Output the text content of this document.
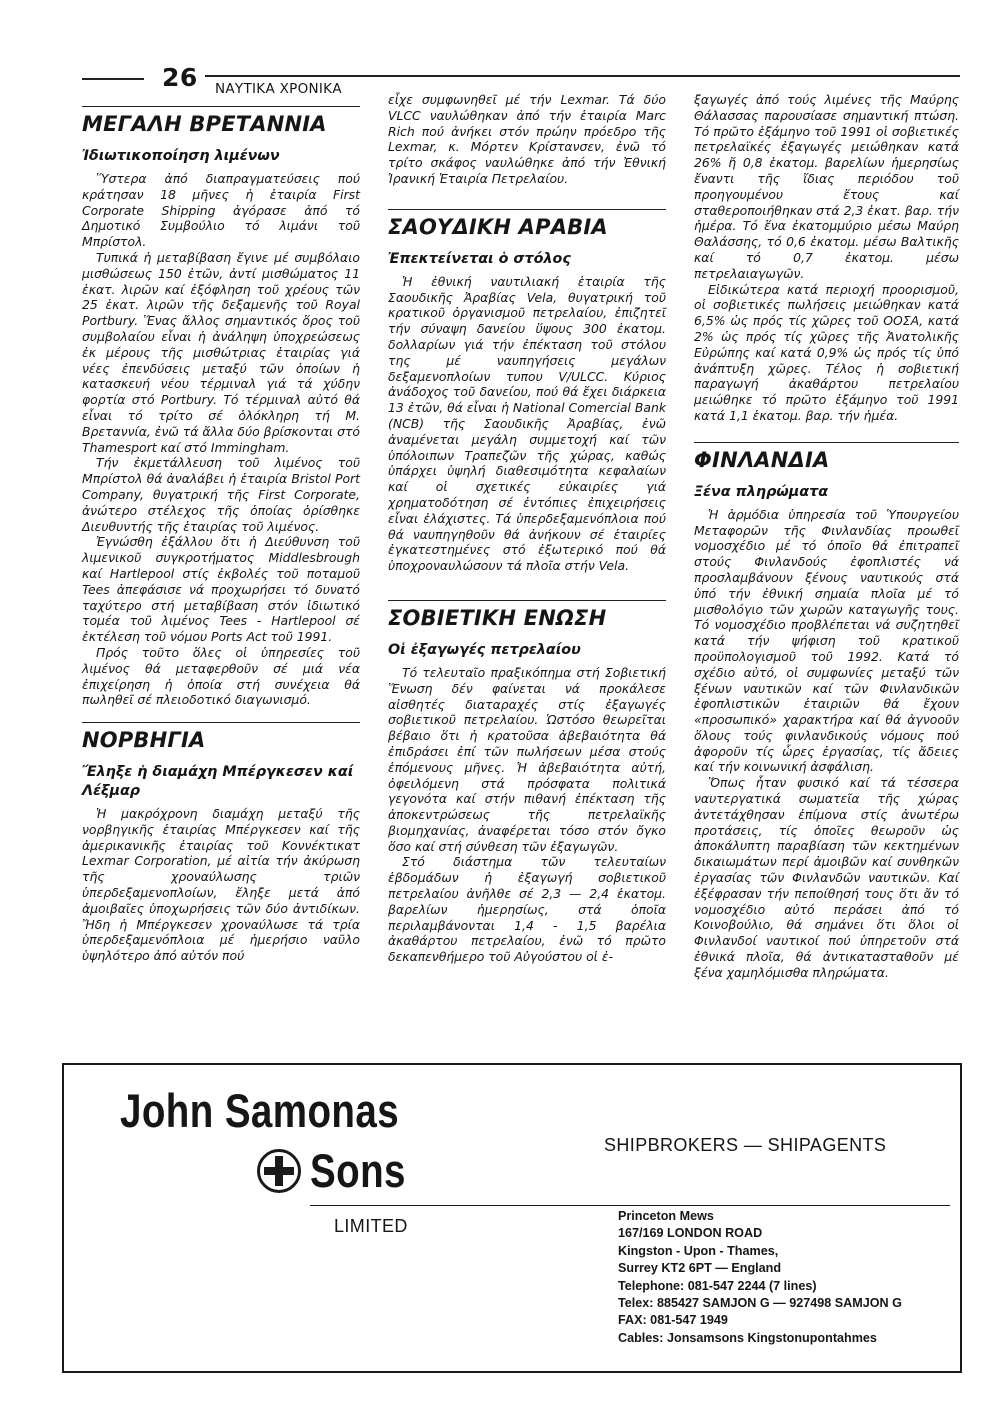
26 ΝΑΥΤΙΚΑ ΧΡΟΝΙΚΑ
ΜΕΓΑΛΗ ΒΡΕΤΑΝΝΙΑ
Ἰδιωτικοποίηση λιμένων

Ὕστερα ἀπό διαπραγματεύσεις πού κράτησαν 18 μῆνες ἡ ἑταιρία First Corporate Shipping ἀγόρασε ἀπό τό Δημοτικό Συμβούλιο τό λιμάνι τοῦ Μπρίστολ.

Τυπικά ἡ μεταβίβαση ἔγινε μέ συμβόλαιο μισθώσεως 150 ἐτῶν, ἀντί μισθώματος 11 ἑκατ. λιρῶν καί ἐξόφληση τοῦ χρέους τῶν 25 ἑκατ. λιρῶν τῆς δεξαμενῆς τοῦ Royal Portbury. Ἕνας ἄλλος σημαντικός ὅρος τοῦ συμβολαίου εἶναι ἡ ἀνάληψη ὑποχρεώσεως ἐκ μέρους τῆς μισθώτριας ἑταιρίας γιά νέες ἐπενδύσεις μεταξύ τῶν ὁποίων ἡ κατασκευή νέου τέρμιναλ γιά τά χύδην φορτία στό Portbury. Τό τέρμιναλ αὐτό θά εἶναι τό τρίτο σέ ὁλόκληρη τή Μ. Βρεταννία, ἐνῶ τά ἄλλα δύο βρίσκονται στό Thamesport καί στό Immingham.

Τήν ἐκμετάλλευση τοῦ λιμένος τοῦ Μπρίστολ θά ἀναλάβει ἡ ἑταιρία Bristol Port Company, θυγατρική τῆς First Corporate, ἀνώτερο στέλεχος τῆς ὁποίας ὁρίσθηκε Διευθυντής τῆς ἑταιρίας τοῦ λιμένος.

Ἐγνώσθη ἐξάλλου ὅτι ἡ Διεύθυνση τοῦ λιμενικοῦ συγκροτήματος Middlesbrough καί Hartlepool στίς ἐκβολές τοῦ ποταμοῦ Tees ἀπεφάσισε νά προχωρήσει τό δυνατό ταχύτερο στή μεταβίβαση στόν ἰδιωτικό τομέα τοῦ λιμένος Tees - Hartlepool σέ ἐκτέλεση τοῦ νόμου Ports Act τοῦ 1991.

Πρός τοῦτο ὅλες οἱ ὑπηρεσίες τοῦ λιμένος θά μεταφερθοῦν σέ μιά νέα ἐπιχείρηση ἡ ὁποία στή συνέχεια θά πωληθεῖ σέ πλειοδοτικό διαγωνισμό.

ΝΟΡΒΗΓΙΑ
Ἔληξε ἡ διαμάχη Μπέργκεσεν καί Λέξμαρ

Ἡ μακρόχρονη διαμάχη μεταξύ τῆς νορβηγικῆς ἑταιρίας Μπέργκεσεν καί τῆς ἀμερικανικῆς ἑταιρίας τοῦ Κοννέκτικατ Lexmar Corporation, μέ αἰτία τήν ἀκύρωση τῆς χροναύλωσης τριῶν ὑπερδεξαμενοπλοίων, ἔληξε μετά ἀπό ἀμοιβαῖες ὑποχωρήσεις τῶν δύο ἀντιδίκων. Ἤδη ἡ Μπέργκεσεν χροναύλωσε τά τρία ὑπερδεξαμενόπλοια μέ ἡμερήσιο ναῦλο ὑψηλότερο ἀπό αὐτόν πού

εἶχε συμφωνηθεῖ μέ τήν Lexmar. Τά δύο VLCC ναυλώθηκαν ἀπό τήν ἑταιρία Marc Rich πού ἀνήκει στόν πρώην πρόεδρο τῆς Lexmar, κ. Μόρτεν Κρίστανσεν, ἐνῶ τό τρίτο σκάφος ναυλώθηκε ἀπό τήν Ἐθνική Ἰρανική Ἑταιρία Πετρελαίου.

ΣΑΟΥΔΙΚΗ ΑΡΑΒΙΑ
Ἐπεκτείνεται ὁ στόλος

Ἡ ἐθνική ναυτιλιακή ἑταιρία τῆς Σαουδικῆς Ἀραβίας Vela, θυγατρική τοῦ κρατικοῦ ὀργανισμοῦ πετρελαίου, ἐπιζητεῖ τήν σύναψη δανείου ὕψους 300 ἑκατομ. δολλαρίων γιά τήν ἐπέκταση τοῦ στόλου της μέ ναυπηγήσεις μεγάλων δεξαμενοπλοίων τυπου V/ULCC. Κύριος ἀνάδοχος τοῦ δανείου, πού θά ἔχει διάρκεια 13 ἐτῶν, θά εἶναι ἡ National Comercial Bank (NCB) τῆς Σαουδικῆς Ἀραβίας, ἐνῶ ἀναμένεται μεγάλη συμμετοχή καί τῶν ὑπόλοιπων Τραπεζῶν τῆς χώρας, καθώς ὑπάρχει ὑψηλή διαθεσιμότητα κεφαλαίων καί οἱ σχετικές εὐκαιρίες γιά χρηματοδότηση σέ ἐντόπιες ἐπιχειρήσεις εἶναι ἐλάχιστες. Τά ὑπερδεξαμενόπλοια πού θά ναυπηγηθοῦν θά ἀνήκουν σέ ἑταιρίες ἐγκατεστημένες στό ἐξωτερικό πού θά ὑποχροναυλώσουν τά πλοῖα στήν Vela.

ΣΟΒΙΕΤΙΚΗ ΕΝΩΣΗ
Οἱ ἐξαγωγές πετρελαίου

Τό τελευταῖο πραξικόπημα στή Σοβιετική Ἕνωση δέν φαίνεται νά προκάλεσε αἰσθητές διαταραχές στίς ἐξαγωγές σοβιετικοῦ πετρελαίου. Ὡστόσο θεωρεῖται βέβαιο ὅτι ἡ κρατοῦσα ἀβεβαιότητα θά ἐπιδράσει ἐπί τῶν πωλήσεων μέσα στούς ἑπόμενους μῆνες. Ἡ ἀβεβαιότητα αὐτή, ὀφειλόμενη στά πρόσφατα πολιτικά γεγονότα καί στήν πιθανή ἐπέκταση τῆς ἀποκεντρώσεως τῆς πετρελαϊκῆς βιομηχανίας, ἀναφέρεται τόσο στόν ὄγκο ὅσο καί στή σύνθεση τῶν ἐξαγωγῶν.

Στό διάστημα τῶν τελευταίων ἑβδομάδων ἡ ἐξαγωγή σοβιετικοῦ πετρελαίου ἀνῆλθε σέ 2,3 — 2,4 ἑκατομ. βαρελίων ἡμερησίως, στά ὁποῖα περιλαμβάνονται 1,4 - 1,5 βαρέλια ἀκαθάρτου πετρελαίου, ἐνῶ τό πρῶτο δεκαπενθήμερο τοῦ Αὐγούστου οἱ ἐ-

ξαγωγές ἀπό τούς λιμένες τῆς Μαύρης Θάλασσας παρουσίασε σημαντική πτώση. Τό πρῶτο ἑξάμηνο τοῦ 1991 οἱ σοβιετικές πετρελαϊκές ἐξαγωγές μειώθηκαν κατά 26% ἤ 0,8 ἑκατομ. βαρελίων ἡμερησίως ἔναντι τῆς ἴδιας περιόδου τοῦ προηγουμένου ἔτους καί σταθεροποιήθηκαν στά 2,3 ἑκατ. βαρ. τήν ἡμέρα. Τό ἕνα ἑκατομμύριο μέσω Μαύρη Θαλάσσης, τό 0,6 ἑκατομ. μέσω Βαλτικῆς καί τό 0,7 ἑκατομ. μέσω πετρελαιαγωγῶν.

Εἰδικώτερα κατά περιοχή προορισμοῦ, οἱ σοβιετικές πωλήσεις μειώθηκαν κατά 6,5% ὡς πρός τίς χῶρες τοῦ ΟΟΣΑ, κατά 2% ὡς πρός τίς χῶρες τῆς Ἀνατολικῆς Εὐρώπης καί κατά 0,9% ὡς πρός τίς ὑπό ἀνάπτυξη χῶρες. Τέλος ἡ σοβιετική παραγωγή ἀκαθάρτου πετρελαίου μειώθηκε τό πρῶτο ἑξάμηνο τοῦ 1991 κατά 1,1 ἑκατομ. βαρ. τήν ἡμέα.

ΦΙΝΛΑΝΔΙΑ
Ξένα πληρώματα

Ἡ ἁρμόδια ὑπηρεσία τοῦ Ὑπουργείου Μεταφορῶν τῆς Φινλανδίας προωθεῖ νομοσχέδιο μέ τό ὁποῖο θά ἐπιτραπεῖ στούς Φινλανδούς ἐφοπλιστές νά προσλαμβάνουν ξένους ναυτικούς στά ὑπό τήν ἐθνική σημαία πλοῖα μέ τό μισθολόγιο τῶν χωρῶν καταγωγῆς τους. Τό νομοσχέδιο προβλέπεται νά συζητηθεῖ κατά τήν ψήφιση τοῦ κρατικοῦ προϋπολογισμοῦ τοῦ 1992. Κατά τό σχέδιο αὐτό, οἱ συμφωνίες μεταξύ τῶν ξένων ναυτικῶν καί τῶν Φινλανδικῶν ἐφοπλιστικῶν ἑταιριῶν θά ἔχουν «προσωπικό» χαρακτήρα καί θά ἀγνοοῦν ὅλους τούς φινλανδικούς νόμους πού ἀφοροῦν τίς ὧρες ἐργασίας, τίς ἄδειες καί τήν κοινωνική ἀσφάλιση.

Ὅπως ἦταν φυσικό καί τά τέσσερα ναυτεργατικά σωματεῖα τῆς χώρας ἀντετάχθησαν ἐπίμονα στίς ἀνωτέρω προτάσεις, τίς ὁποῖες θεωροῦν ὡς ἀποκάλυπτη παραβίαση τῶν κεκτημένων δικαιωμάτων περί ἀμοιβῶν καί συνθηκῶν ἐργασίας τῶν Φινλανδῶν ναυτικῶν. Καί ἐξέφρασαν τήν πεποίθησή τους ὅτι ἄν τό νομοσχέδιο αὐτό περάσει ἀπό τό Κοινοβούλιο, θά σημάνει ὅτι ὅλοι οἱ Φινλανδοί ναυτικοί πού ὑπηρετοῦν στά ἐθνικά πλοῖα, θά ἀντικατασταθοῦν μέ ξένα χαμηλόμισθα πληρώματα.

John Samonas
Sons
LIMITED
SHIPBROKERS — SHIPAGENTS
Princeton Mews
167/169 LONDON ROAD
Kingston - Upon - Thames,
Surrey KT2 6PT — England
Telephone: 081-547 2244 (7 lines)
Telex: 885427 SAMJON G — 927498 SAMJON G
FAX: 081-547 1949
Cables: Jonsamsons Kingstonupontahmes
